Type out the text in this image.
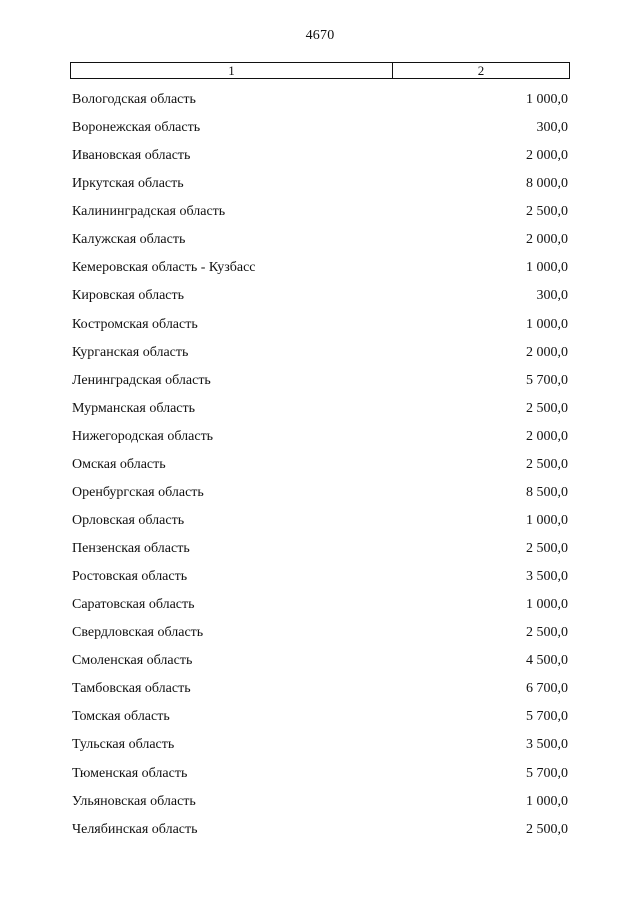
4670
1	2
Вологодская область	1 000,0
Воронежская область	300,0
Ивановская область	2 000,0
Иркутская область	8 000,0
Калининградская область	2 500,0
Калужская область	2 000,0
Кемеровская область - Кузбасс	1 000,0
Кировская область	300,0
Костромская область	1 000,0
Курганская область	2 000,0
Ленинградская область	5 700,0
Мурманская область	2 500,0
Нижегородская область	2 000,0
Омская область	2 500,0
Оренбургская область	8 500,0
Орловская область	1 000,0
Пензенская область	2 500,0
Ростовская область	3 500,0
Саратовская область	1 000,0
Свердловская область	2 500,0
Смоленская область	4 500,0
Тамбовская область	6 700,0
Томская область	5 700,0
Тульская область	3 500,0
Тюменская область	5 700,0
Ульяновская область	1 000,0
Челябинская область	2 500,0
